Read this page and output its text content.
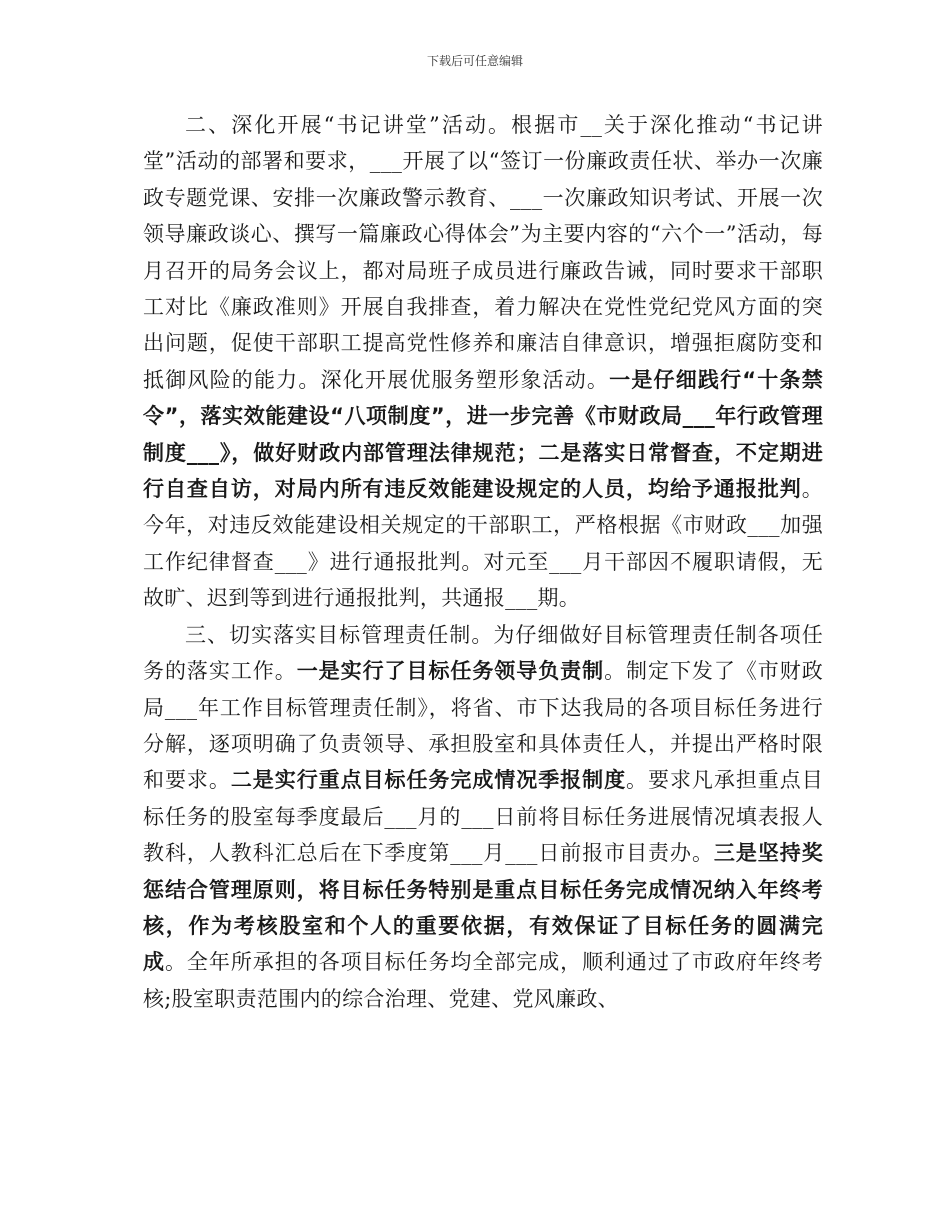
下载后可任意编辑

二、深化开展“书记讲堂”活动。根据市__关于深化推动“书记讲堂”活动的部署和要求，___开展了以“签订一份廉政责任状、举办一次廉政专题党课、安排一次廉政警示教育、___一次廉政知识考试、开展一次领导廉政谈心、撰写一篇廉政心得体会”为主要内容的“六个一”活动，每月召开的局务会议上，都对局班子成员进行廉政告诫，同时要求干部职工对比《廉政准则》开展自我排查，着力解决在党性党纪党风方面的突出问题，促使干部职工提高党性修养和廉洁自律意识，增强拒腐防变和抵御风险的能力。深化开展优服务塑形象活动。一是仔细践行“十条禁令”，落实效能建设“八项制度”，进一步完善《市财政局___年行政管理制度___》，做好财政内部管理法律规范；二是落实日常督查，不定期进行自查自访，对局内所有违反效能建设规定的人员，均给予通报批判。今年，对违反效能建设相关规定的干部职工，严格根据《市财政___加强工作纪律督查___》进行通报批判。对元至___月干部因不履职请假，无故旷、迟到等到进行通报批判，共通报___期。

三、切实落实目标管理责任制。为仔细做好目标管理责任制各项任务的落实工作。一是实行了目标任务领导负责制。制定下发了《市财政局___年工作目标管理责任制》，将省、市下达我局的各项目标任务进行分解，逐项明确了负责领导、承担股室和具体责任人，并提出严格时限和要求。二是实行重点目标任务完成情况季报制度。要求凡承担重点目标任务的股室每季度最后___月的___日前将目标任务进展情况填表报人教科，人教科汇总后在下季度第___月___日前报市目责办。三是坚持奖惩结合管理原则，将目标任务特别是重点目标任务完成情况纳入年终考核，作为考核股室和个人的重要依据，有效保证了目标任务的圆满完成。全年所承担的各项目标任务均全部完成，顺利通过了市政府年终考核;股室职责范围内的综合治理、党建、党风廉政、
